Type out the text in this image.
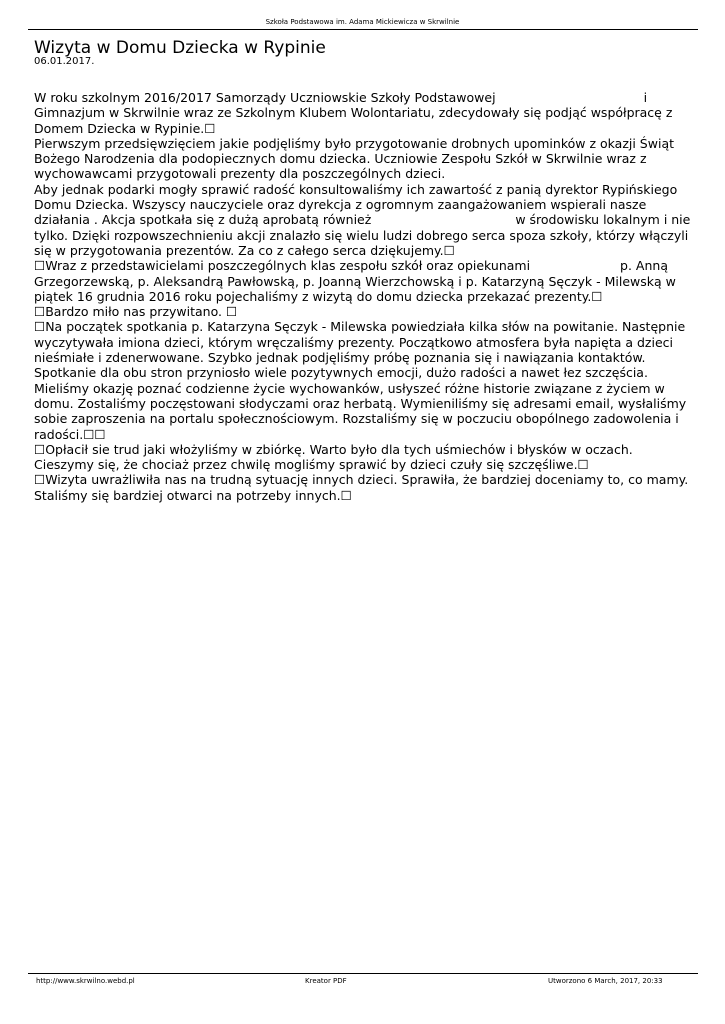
Szkoła Podstawowa im. Adama Mickiewicza w Skrwilnie
Wizyta w Domu Dziecka w Rypinie
06.01.2017.
W roku szkolnym 2016/2017 Samorządy Uczniowskie Szkoły Podstawowej	i
Gimnazjum w Skrwilnie wraz ze Szkolnym Klubem Wolontariatu, zdecydowały się podjąć współpracę z
Domem Dziecka w Rypinie.☐
Pierwszym przedsięwzięciem jakie podjęliśmy było przygotowanie drobnych upominków z okazji Świąt
Bożego Narodzenia dla podopiecznych domu dziecka. Uczniowie Zespołu Szkół w Skrwilnie wraz z
wychowawcami przygotowali prezenty dla poszczególnych dzieci.
Aby jednak podarki mogły sprawić radość konsultowaliśmy ich zawartość z panią dyrektor Rypińskiego
Domu Dziecka. Wszyscy nauczyciele oraz dyrekcja z ogromnym zaangażowaniem wspierali nasze
działania . Akcja spotkała się z dużą aprobatą również	w środowisku lokalnym i nie
tylko. Dzięki rozpowszechnieniu akcji znalazło się wielu ludzi dobrego serca spoza szkoły, którzy włączyli
się w przygotowania prezentów. Za co z całego serca dziękujemy.☐
☐Wraz z przedstawicielami poszczególnych klas zespołu szkół oraz opiekunami	p. Anną
Grzegorzewską, p. Aleksandrą Pawłowską, p. Joanną Wierzchowską i p. Katarzyną Sęczyk - Milewską w
piątek 16 grudnia 2016 roku pojechaliśmy z wizytą do domu dziecka przekazać prezenty.☐
☐Bardzo miło nas przywitano. ☐
☐Na początek spotkania p. Katarzyna Sęczyk - Milewska powiedziała kilka słów na powitanie. Następnie
wyczytywała imiona dzieci, którym wręczaliśmy prezenty. Początkowo atmosfera była napięta a dzieci
nieśmiałe i zdenerwowane. Szybko jednak podjęliśmy próbę poznania się i nawiązania kontaktów.
Spotkanie dla obu stron przyniosło wiele pozytywnych emocji, dużo radości a nawet łez szczęścia.
Mieliśmy okazję poznać codzienne życie wychowanków, usłyszeć różne historie związane z życiem w
domu. Zostaliśmy poczęstowani słodyczami oraz herbatą. Wymieniliśmy się adresami email, wysłaliśmy
sobie zaproszenia na portalu społecznościowym. Rozstaliśmy się w poczuciu obopólnego zadowolenia i
radości.☐☐
☐Opłacił sie trud jaki włożyliśmy w zbiórkę. Warto było dla tych uśmiechów i błysków w oczach.
Cieszymy się, że chociaż przez chwilę mogliśmy sprawić by dzieci czuły się szczęśliwe.☐
☐Wizyta uwrażliwiła nas na trudną sytuację innych dzieci. Sprawiła, że bardziej doceniamy to, co mamy.
Staliśmy się bardziej otwarci na potrzeby innych.☐
http://www.skrwilno.webd.pl	Kreator PDF	Utworzono 6 March, 2017, 20:33
